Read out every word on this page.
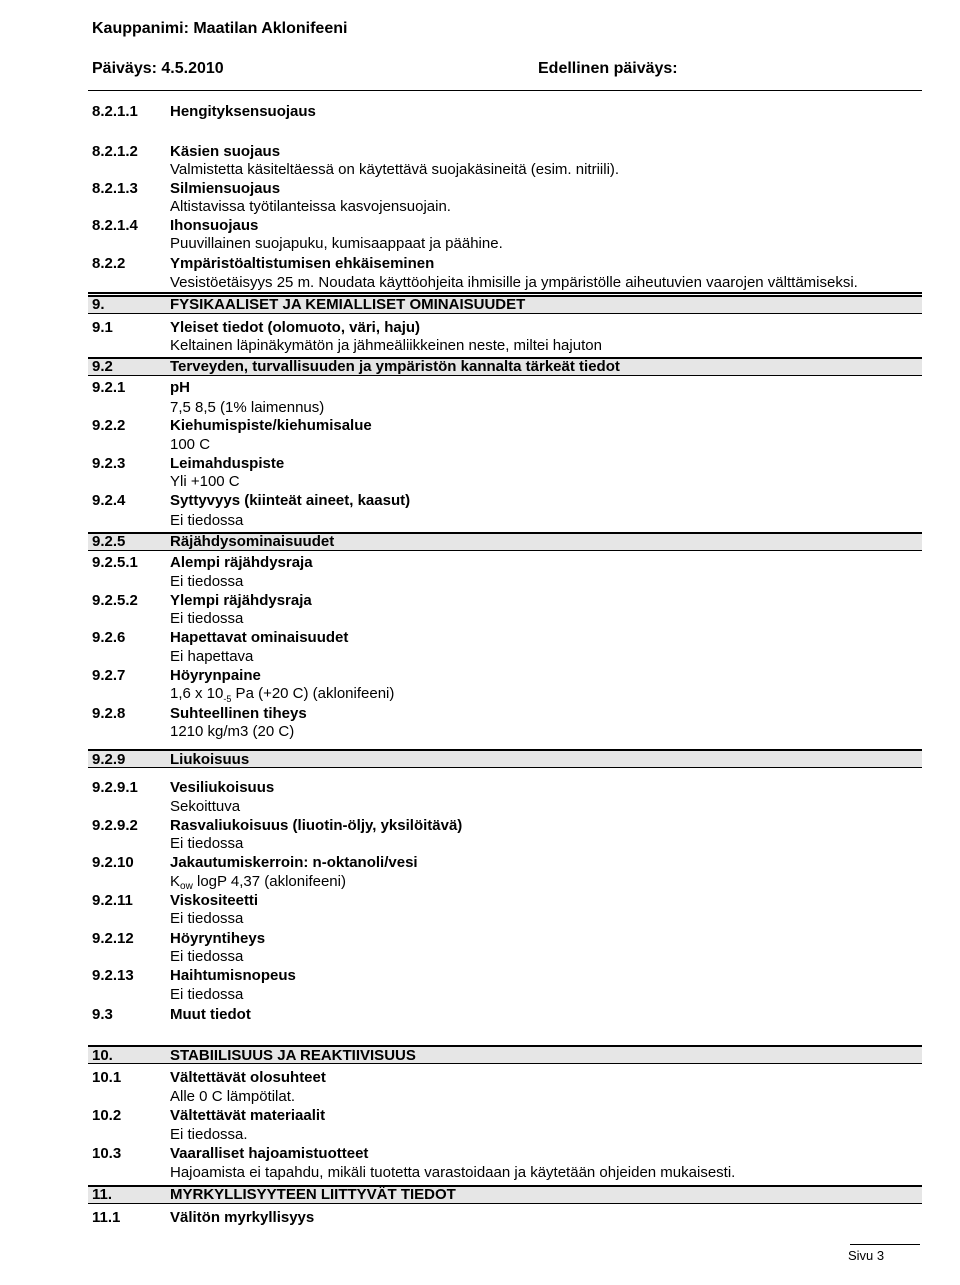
Kauppanimi: Maatilan Aklonifeeni
Päiväys: 4.5.2010	Edellinen päiväys:
8.2.1.1 Hengityksensuojaus
8.2.1.2 Käsien suojaus
Valmistetta käsiteltäessä on käytettävä suojakäsineitä (esim. nitriili).
8.2.1.3 Silmiensuojaus
Altistavissa työtilanteissa kasvojensuojain.
8.2.1.4 Ihonsuojaus
Puuvillainen suojapuku, kumisaappaat ja päähine.
8.2.2	Ympäristöaltistumisen ehkäiseminen
Vesistöetäisyys 25 m. Noudata käyttöohjeita ihmisille ja ympäristölle aiheutuvien vaarojen välttämiseksi.
9.	FYSIKAALISET JA KEMIALLISET OMINAISUUDET
9.1	Yleiset tiedot (olomuoto, väri, haju)
Keltainen läpinäkymätön ja jähmeäliikkeinen neste, miltei hajuton
9.2	Terveyden, turvallisuuden ja ympäristön kannalta tärkeät tiedot
9.2.1	pH
7,5 8,5 (1% laimennus)
9.2.2	Kiehumispiste/kiehumisalue
100 C
9.2.3	Leimahduspiste
Yli +100 C
9.2.4	Syttyvyys (kiinteät aineet, kaasut)
Ei tiedossa
9.2.5	Räjähdysominaisuudet
9.2.5.1 Alempi räjähdysraja
Ei tiedossa
9.2.5.2 Ylempi räjähdysraja
Ei tiedossa
9.2.6	Hapettavat ominaisuudet
Ei hapettava
9.2.7	Höyrynpaine
1,6 x $10_{-5}$ Pa (+20 C) (aklonifeeni)
9.2.8	Suhteellinen tiheys
1210 kg/m3 (20 C)
9.2.9	Liukoisuus
9.2.9.1 Vesiliukoisuus
Sekoittuva
9.2.9.2 Rasvaliukoisuus (liuotin-öljy, yksilöitävä)
Ei tiedossa
9.2.10 Jakautumiskerroin: n-oktanoli/vesi
$K_{ow}$ logP 4,37 (aklonifeeni)
9.2.11 Viskositeetti
Ei tiedossa
9.2.12 Höyryntiheys
Ei tiedossa
9.2.13 Haihtumisnopeus
Ei tiedossa
9.3	Muut tiedot
10.	STABIILISUUS JA REAKTIIVISUUS
10.1	Vältettävät olosuhteet
Alle 0 C lämpötilat.
10.2	Vältettävät materiaalit
Ei tiedossa.
10.3	Vaaralliset hajoamistuotteet
Hajoamista ei tapahdu, mikäli tuotetta varastoidaan ja käytetään ohjeiden mukaisesti.
11.	MYRKYLLISYYTEEN LIITTYVÄT TIEDOT
11.1	Välitön myrkyllisyys
Sivu 3
